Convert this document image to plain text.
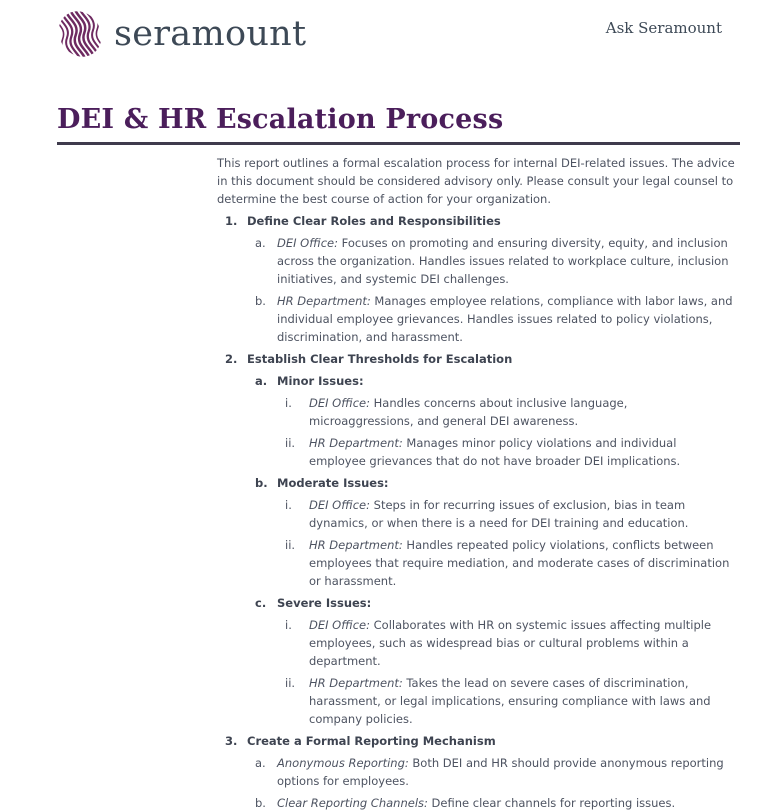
seramount	Ask Seramount
DEI & HR Escalation Process

This report outlines a formal escalation process for internal DEI-related issues. The advice in this document should be considered advisory only. Please consult your legal counsel to determine the best course of action for your organization.

1. Define Clear Roles and Responsibilities
a. DEI Office: Focuses on promoting and ensuring diversity, equity, and inclusion across the organization. Handles issues related to workplace culture, inclusion initiatives, and systemic DEI challenges.
b. HR Department: Manages employee relations, compliance with labor laws, and individual employee grievances. Handles issues related to policy violations, discrimination, and harassment.
2. Establish Clear Thresholds for Escalation
a. Minor Issues:
i.	DEI Office: Handles concerns about inclusive language, microaggressions, and general DEI awareness.
ii.	HR Department: Manages minor policy violations and individual employee grievances that do not have broader DEI implications.
b. Moderate Issues:
i.	DEI Office: Steps in for recurring issues of exclusion, bias in team dynamics, or when there is a need for DEI training and education.
ii.	HR Department: Handles repeated policy violations, conflicts between employees that require mediation, and moderate cases of discrimination or harassment.
c. Severe Issues:
i.	DEI Office: Collaborates with HR on systemic issues affecting multiple employees, such as widespread bias or cultural problems within a department.
ii.	HR Department: Takes the lead on severe cases of discrimination, harassment, or legal implications, ensuring compliance with laws and company policies.
3. Create a Formal Reporting Mechanism
a. Anonymous Reporting: Both DEI and HR should provide anonymous reporting options for employees.
b. Clear Reporting Channels: Define clear channels for reporting issues.
